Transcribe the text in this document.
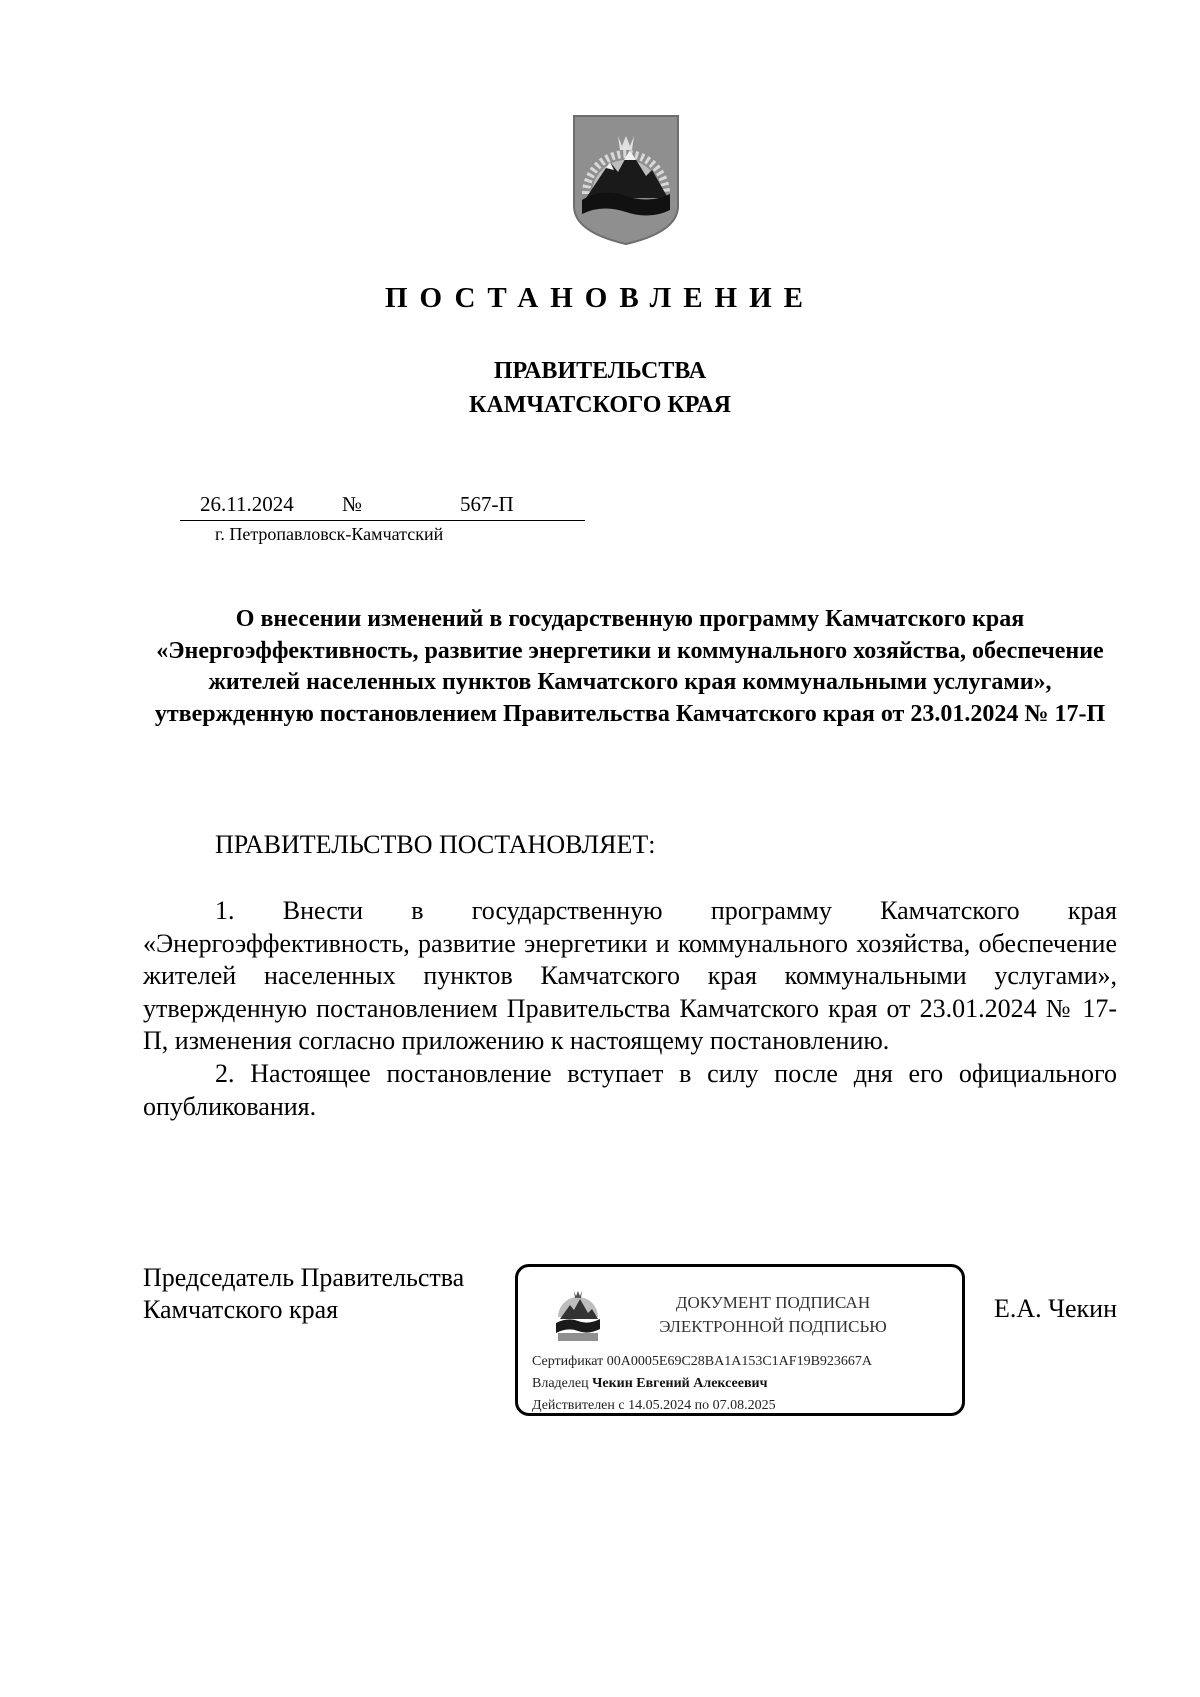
ПОСТАНОВЛЕНИЕ
ПРАВИТЕЛЬСТВА
КАМЧАТСКОГО КРАЯ
26.11.2024 №	567-П
г. Петропавловск-Камчатский
О внесении изменений в государственную программу Камчатского края «Энергоэффективность, развитие энергетики и коммунального хозяйства, обеспечение жителей населенных пунктов Камчатского края коммунальными услугами», утвержденную постановлением Правительства Камчатского края от 23.01.2024 № 17-П
ПРАВИТЕЛЬСТВО ПОСТАНОВЛЯЕТ:

1. Внести в государственную программу Камчатского края «Энергоэффективность, развитие энергетики и коммунального хозяйства, обеспечение жителей населенных пунктов Камчатского края коммунальными услугами», утвержденную постановлением Правительства Камчатского края от 23.01.2024 № 17-П, изменения согласно приложению к настоящему постановлению.

2. Настоящее постановление вступает в силу после дня его официального опубликования.

Председатель Правительства
Камчатского края	Е.А. Чекин
ДОКУМЕНТ ПОДПИСАН
ЭЛЕКТРОННОЙ ПОДПИСЬЮ
Сертификат 00A0005E69C28BA1A153C1AF19B923667A
Владелец Чекин Евгений Алексеевич
Действителен с 14.05.2024 по 07.08.2025
